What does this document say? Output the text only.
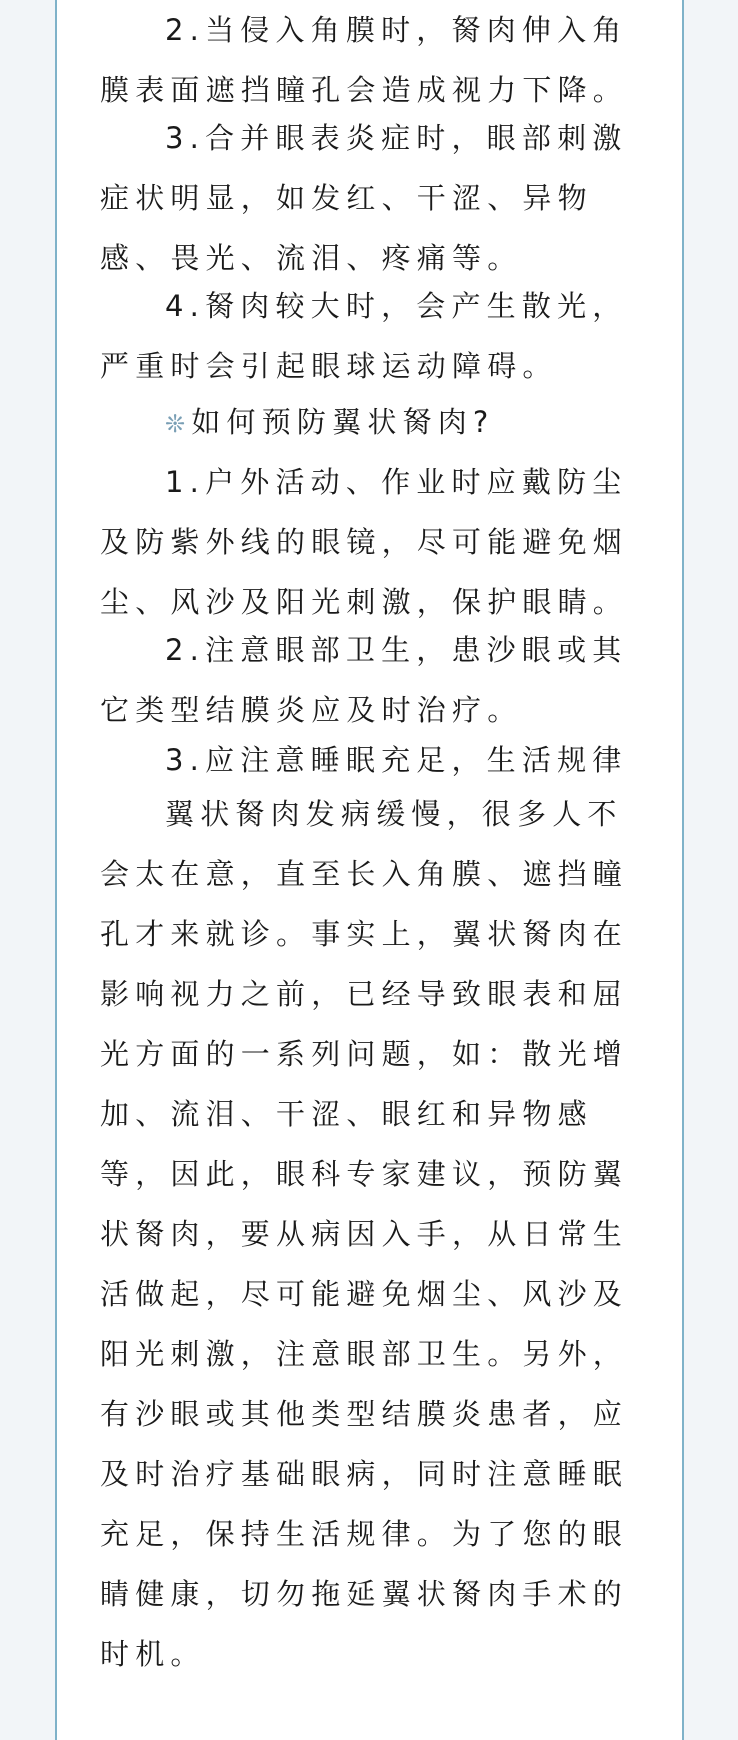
2.当侵入角膜时，胬肉伸入角
膜表面遮挡瞳孔会造成视力下降。
3.合并眼表炎症时，眼部刺激
症状明显，如发红、干涩、异物
感、畏光、流泪、疼痛等。
4.胬肉较大时，会产生散光，
严重时会引起眼球运动障碍。
❊如何预防翼状胬肉?
1.户外活动、作业时应戴防尘
及防紫外线的眼镜，尽可能避免烟
尘、风沙及阳光刺激，保护眼睛。
2.注意眼部卫生，患沙眼或其
它类型结膜炎应及时治疗。
3.应注意睡眠充足，生活规律
翼状胬肉发病缓慢，很多人不
会太在意，直至长入角膜、遮挡瞳
孔才来就诊。事实上，翼状胬肉在
影响视力之前，已经导致眼表和屈
光方面的一系列问题，如：散光增
加、流泪、干涩、眼红和异物感
等，因此，眼科专家建议，预防翼
状胬肉，要从病因入手，从日常生
活做起，尽可能避免烟尘、风沙及
阳光刺激，注意眼部卫生。另外，
有沙眼或其他类型结膜炎患者，应
及时治疗基础眼病，同时注意睡眠
充足，保持生活规律。为了您的眼
睛健康，切勿拖延翼状胬肉手术的
时机。
